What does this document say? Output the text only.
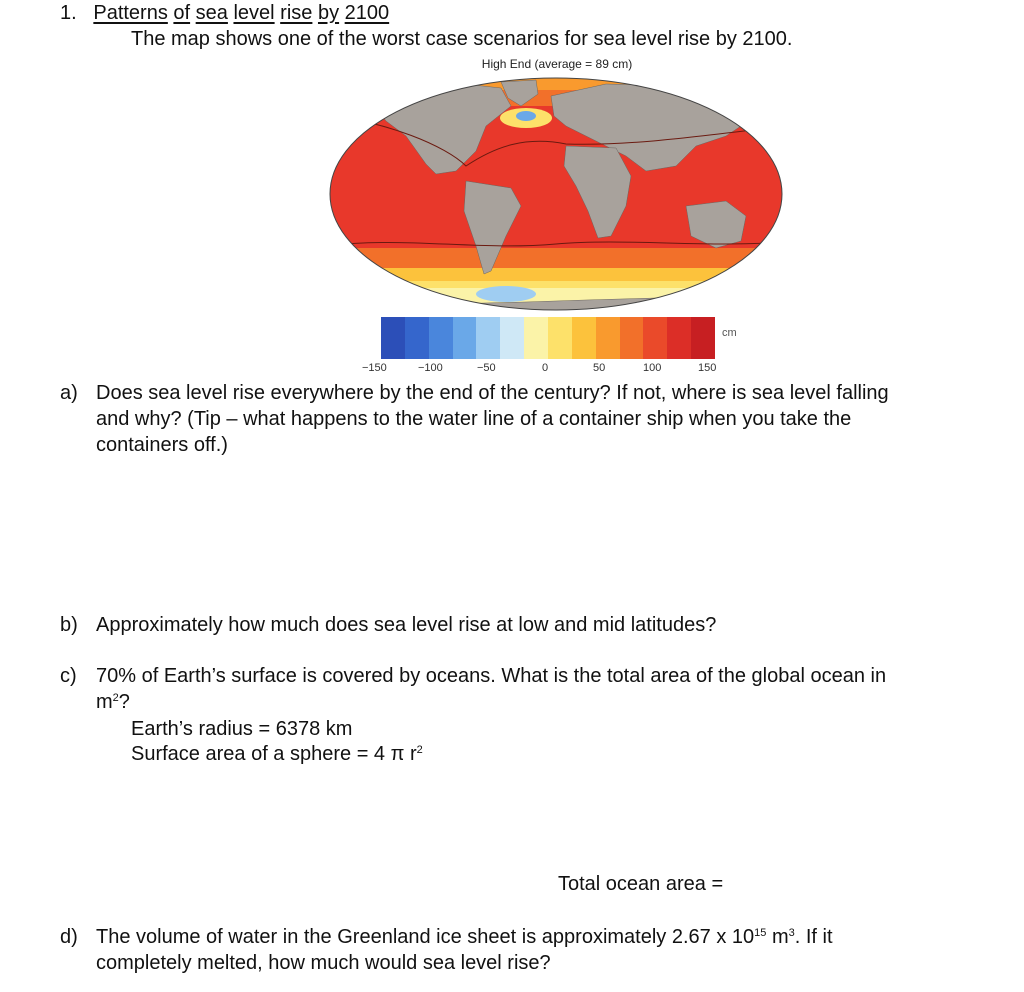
1. Patterns of sea level rise by 2100
The map shows one of the worst case scenarios for sea level rise by 2100.
High End (average = 89 cm)
cm
−150	−100	−50	0	50	100	150
a) Does sea level rise everywhere by the end of the century? If not, where is sea level falling
and why? (Tip – what happens to the water line of a container ship when you take the
containers off.)
b) Approximately how much does sea level rise at low and mid latitudes?
c) 70% of Earth’s surface is covered by oceans. What is the total area of the global ocean in
$m^2$?
Earth’s radius = 6378 km
Surface area of a sphere = 4 π $r^2$
Total ocean area =
d) The volume of water in the Greenland ice sheet is approximately 2.67 x $10^{15}$ $m^3$. If it
completely melted, how much would sea level rise?
